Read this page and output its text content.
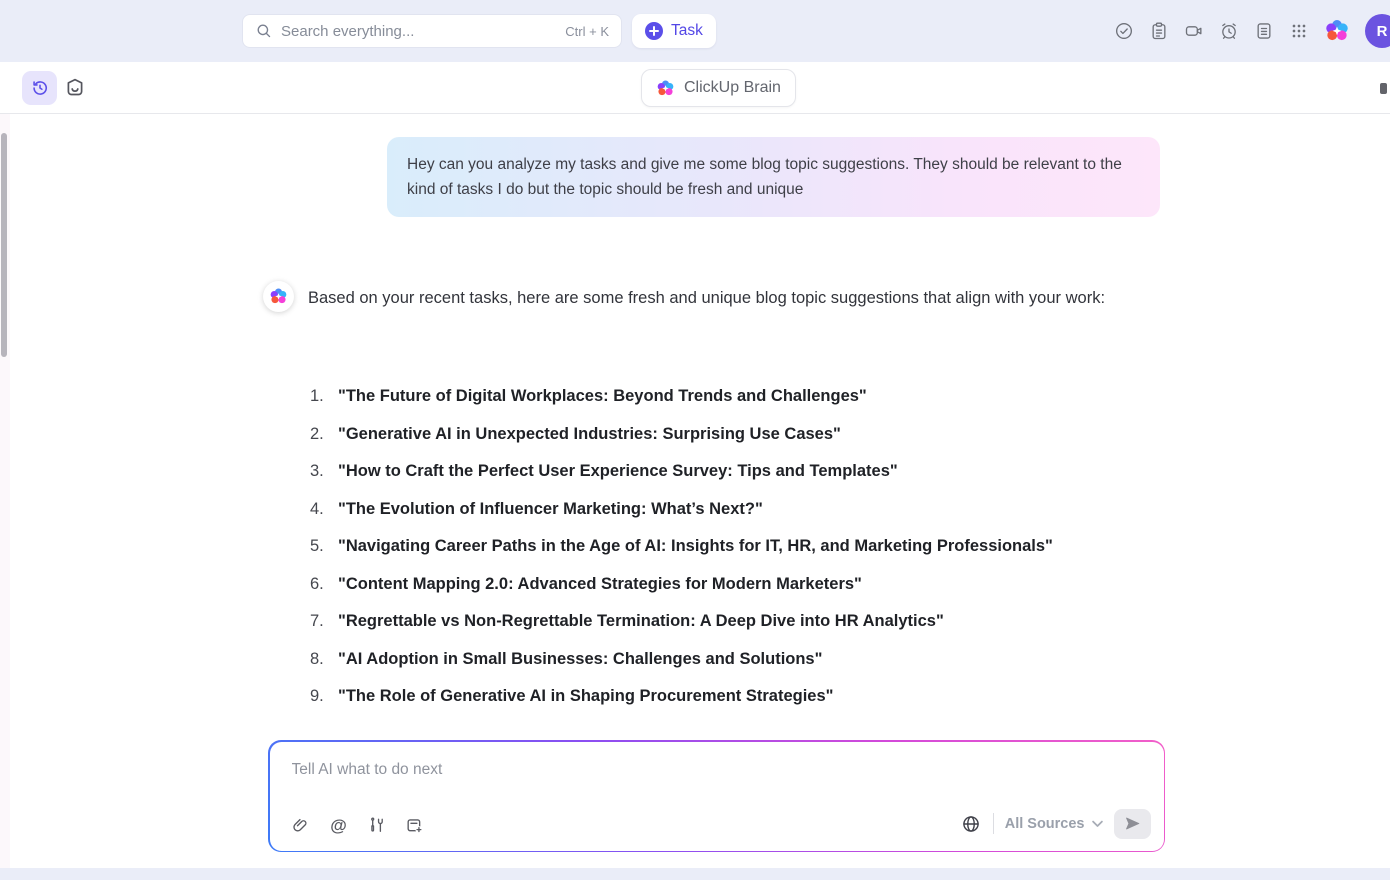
Search everything...
Ctrl + K	Task	R
ClickUp Brain
Hey can you analyze my tasks and give me some blog topic suggestions. They should be relevant to the kind of tasks I do but the topic should be fresh and unique
Based on your recent tasks, here are some fresh and unique blog topic suggestions that align with your work:
1. "The Future of Digital Workplaces: Beyond Trends and Challenges"
2. "Generative AI in Unexpected Industries: Surprising Use Cases"
3. "How to Craft the Perfect User Experience Survey: Tips and Templates"
4. "The Evolution of Influencer Marketing: What’s Next?"
5. "Navigating Career Paths in the Age of AI: Insights for IT, HR, and Marketing Professionals"
6. "Content Mapping 2.0: Advanced Strategies for Modern Marketers"
7. "Regrettable vs Non-Regrettable Termination: A Deep Dive into HR Analytics"
8. "AI Adoption in Small Businesses: Challenges and Solutions"
9. "The Role of Generative AI in Shaping Procurement Strategies"
Tell AI what to do next
@	All Sources
